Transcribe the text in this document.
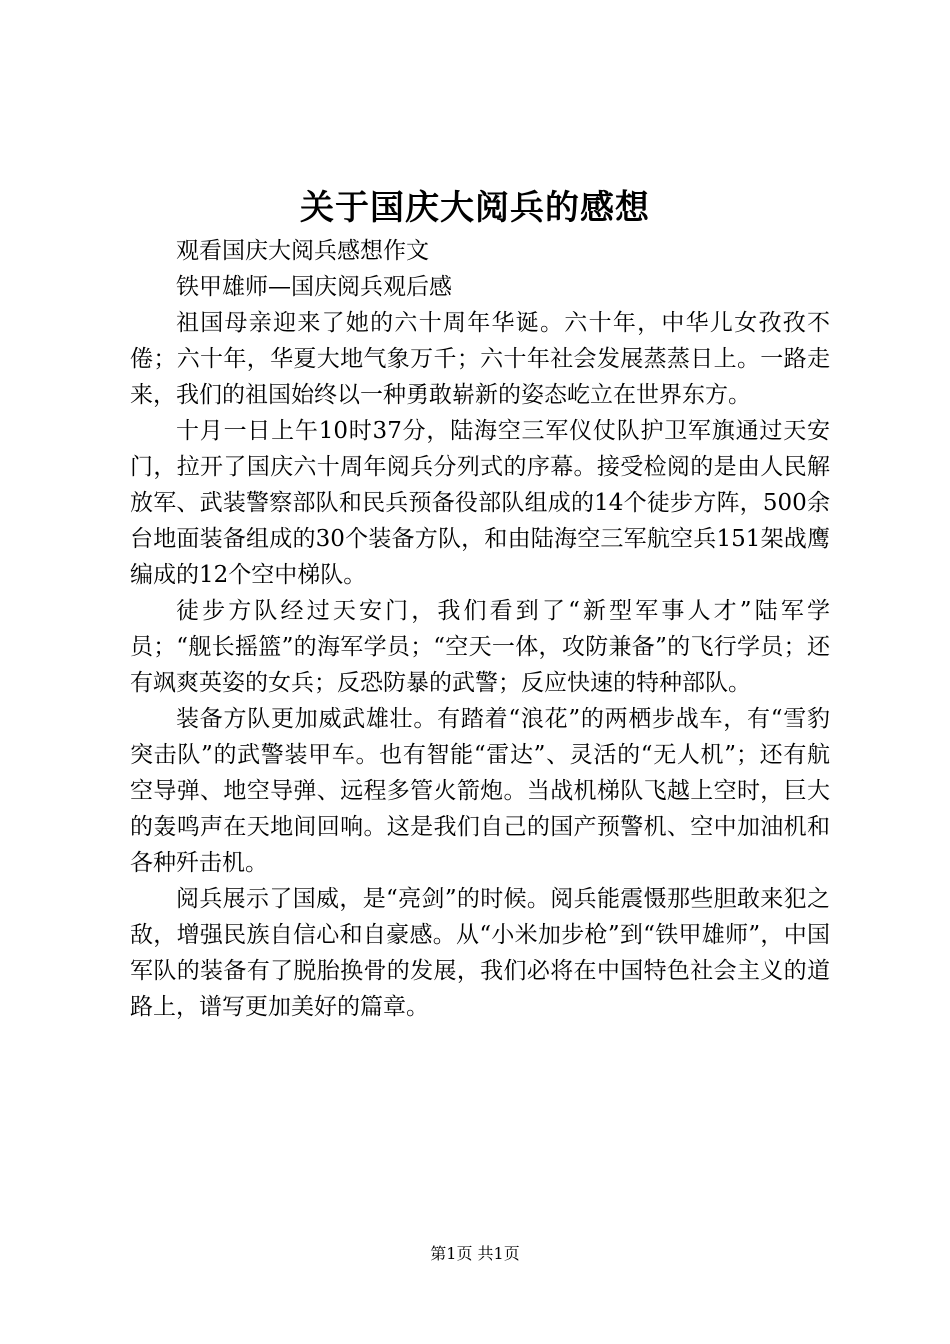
关于国庆大阅兵的感想

观看国庆大阅兵感想作文

铁甲雄师—国庆阅兵观后感

祖国母亲迎来了她的六十周年华诞。六十年，中华儿女孜孜不倦；六十年，华夏大地气象万千；六十年社会发展蒸蒸日上。一路走来，我们的祖国始终以一种勇敢崭新的姿态屹立在世界东方。

十月一日上午10时37分，陆海空三军仪仗队护卫军旗通过天安门，拉开了国庆六十周年阅兵分列式的序幕。接受检阅的是由人民解放军、武装警察部队和民兵预备役部队组成的14个徒步方阵，500余台地面装备组成的30个装备方队，和由陆海空三军航空兵151架战鹰编成的12个空中梯队。

徒步方队经过天安门，我们看到了“新型军事人才”陆军学员；“舰长摇篮”的海军学员；“空天一体，攻防兼备”的飞行学员；还有飒爽英姿的女兵；反恐防暴的武警；反应快速的特种部队。

装备方队更加威武雄壮。有踏着“浪花”的两栖步战车，有“雪豹突击队”的武警装甲车。也有智能“雷达”、灵活的“无人机”；还有航空导弹、地空导弹、远程多管火箭炮。当战机梯队飞越上空时，巨大的轰鸣声在天地间回响。这是我们自己的国产预警机、空中加油机和各种歼击机。

阅兵展示了国威，是“亮剑”的时候。阅兵能震慑那些胆敢来犯之敌，增强民族自信心和自豪感。从“小米加步枪”到“铁甲雄师”，中国军队的装备有了脱胎换骨的发展，我们必将在中国特色社会主义的道路上，谱写更加美好的篇章。

第1页 共1页
